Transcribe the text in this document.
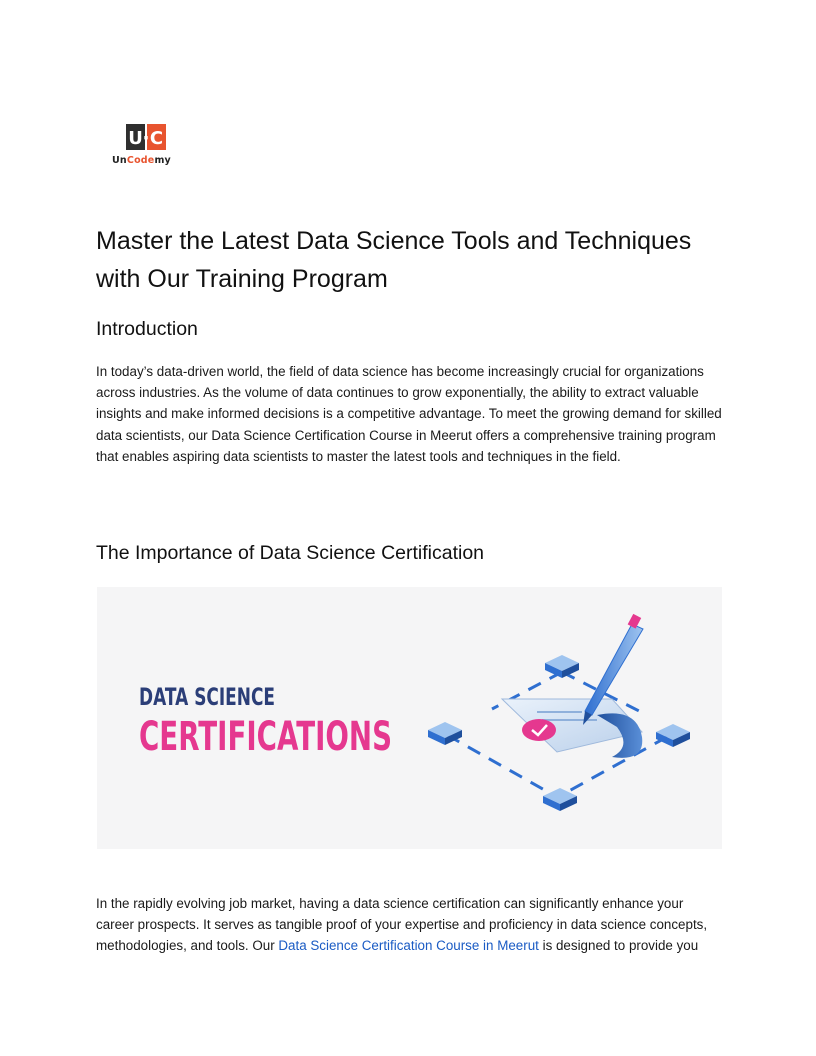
U C
UnCodemy
Master the Latest Data Science Tools and Techniques with Our Training Program
Introduction

In today’s data-driven world, the field of data science has become increasingly crucial for organizations across industries. As the volume of data continues to grow exponentially, the ability to extract valuable insights and make informed decisions is a competitive advantage. To meet the growing demand for skilled data scientists, our Data Science Certification Course in Meerut offers a comprehensive training program that enables aspiring data scientists to master the latest tools and techniques in the field.

The Importance of Data Science Certification
DATA SCIENCE
CERTIFICATIONS

In the rapidly evolving job market, having a data science certification can significantly enhance your career prospects. It serves as tangible proof of your expertise and proficiency in data science concepts, methodologies, and tools. Our Data Science Certification Course in Meerut is designed to provide you
